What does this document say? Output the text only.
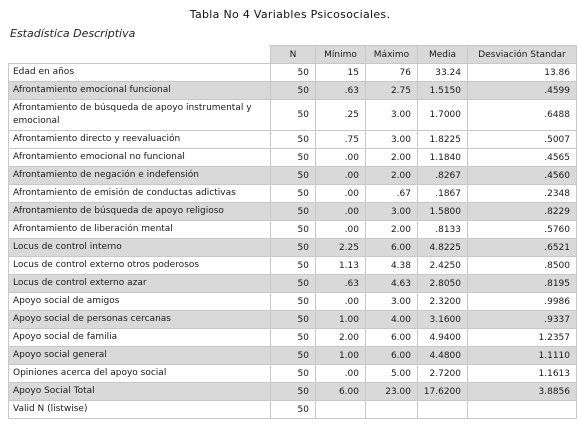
Tabla No 4 Variables Psicosociales.
Estadística Descriptiva
	N	Mínimo	Máximo	Media	Desviación Standar
Edad en años	50	15	76	33.24	13.86
Afrontamiento emocional funcional	50	.63	2.75	1.5150	.4599
Afrontamiento de búsqueda de apoyo instrumental y emocional	50	.25	3.00	1.7000	.6488
Afrontamiento directo y reevaluación	50	.75	3.00	1.8225	.5007
Afrontamiento emocional no funcional	50	.00	2.00	1.1840	.4565
Afrontamiento de negación e indefensión	50	.00	2.00	.8267	.4560
Afrontamiento de emisión de conductas adictivas	50	.00	.67	.1867	.2348
Afrontamiento de búsqueda de apoyo religioso	50	.00	3.00	1.5800	.8229
Afrontamiento de liberación mental	50	.00	2.00	.8133	.5760
Locus de control interno	50	2.25	6.00	4.8225	.6521
Locus de control externo otros poderosos	50	1.13	4.38	2.4250	.8500
Locus de control externo azar	50	.63	4.63	2.8050	.8195
Apoyo social de amigos	50	.00	3.00	2.3200	.9986
Apoyo social de personas cercanas	50	1.00	4.00	3.1600	.9337
Apoyo social de familia	50	2.00	6.00	4.9400	1.2357
Apoyo social general	50	1.00	6.00	4.4800	1.1110
Opiniones acerca del apoyo social	50	.00	5.00	2.7200	1.1613
Apoyo Social Total	50	6.00	23.00	17.6200	3.8856
Valid N (listwise)	50				
